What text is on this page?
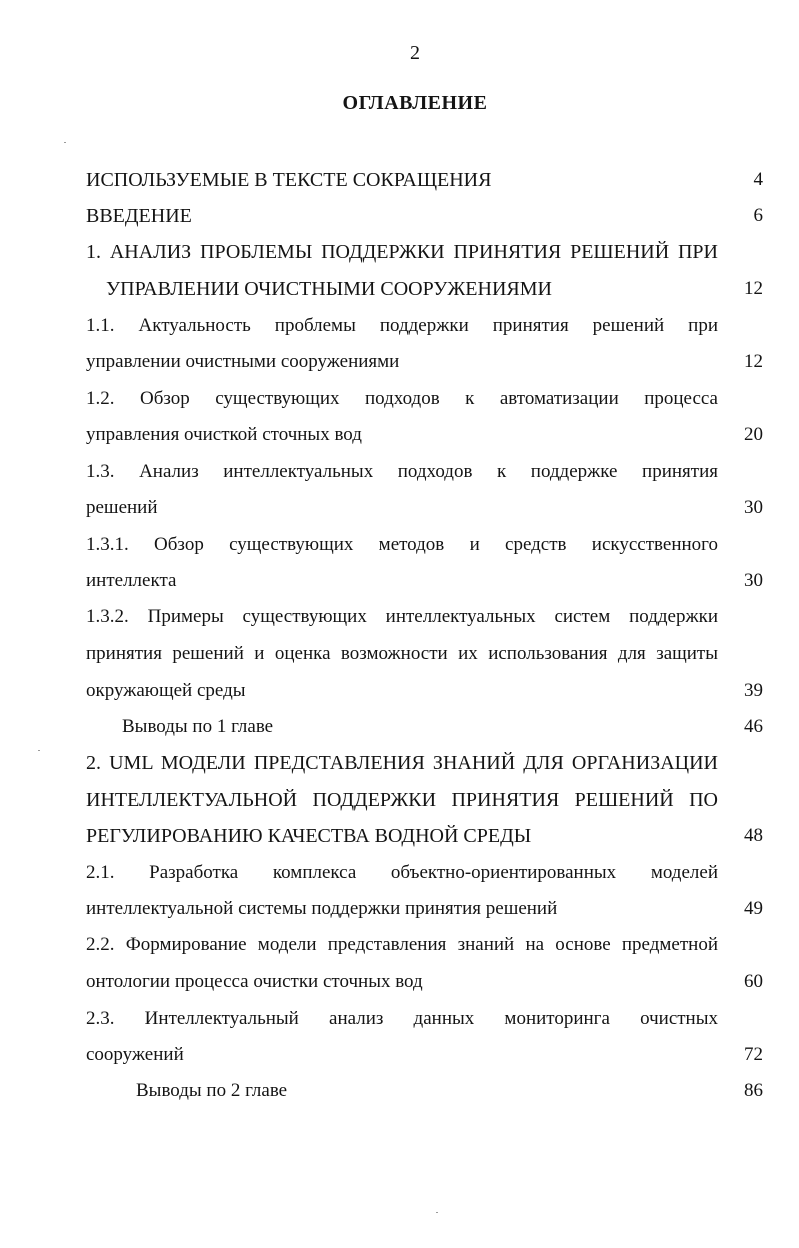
2
ОГЛАВЛЕНИЕ
ИСПОЛЬЗУЕМЫЕ В ТЕКСТЕ СОКРАЩЕНИЯ	4
ВВЕДЕНИЕ	6
1. АНАЛИЗ ПРОБЛЕМЫ ПОДДЕРЖКИ ПРИНЯТИЯ РЕШЕНИЙ ПРИ
УПРАВЛЕНИИ ОЧИСТНЫМИ СООРУЖЕНИЯМИ	12
1.1. Актуальность проблемы поддержки принятия решений при
управлении очистными сооружениями	12
1.2. Обзор существующих подходов к автоматизации процесса
управления очисткой сточных вод	20
1.3. Анализ интеллектуальных подходов к поддержке принятия
решений	30
1.3.1. Обзор существующих методов и средств искусственного
интеллекта	30
1.3.2. Примеры существующих интеллектуальных систем поддержки
принятия решений и оценка возможности их использования для защиты
окружающей среды	39
Выводы по 1 главе	46
2. UML МОДЕЛИ ПРЕДСТАВЛЕНИЯ ЗНАНИЙ ДЛЯ ОРГАНИЗАЦИИ
ИНТЕЛЛЕКТУАЛЬНОЙ ПОДДЕРЖКИ ПРИНЯТИЯ РЕШЕНИЙ ПО
РЕГУЛИРОВАНИЮ КАЧЕСТВА ВОДНОЙ СРЕДЫ	48
2.1. Разработка комплекса объектно-ориентированных моделей
интеллектуальной системы поддержки принятия решений	49
2.2. Формирование модели представления знаний на основе предметной
онтологии процесса очистки сточных вод	60
2.3. Интеллектуальный анализ данных мониторинга очистных
сооружений	72
Выводы по 2 главе	86
